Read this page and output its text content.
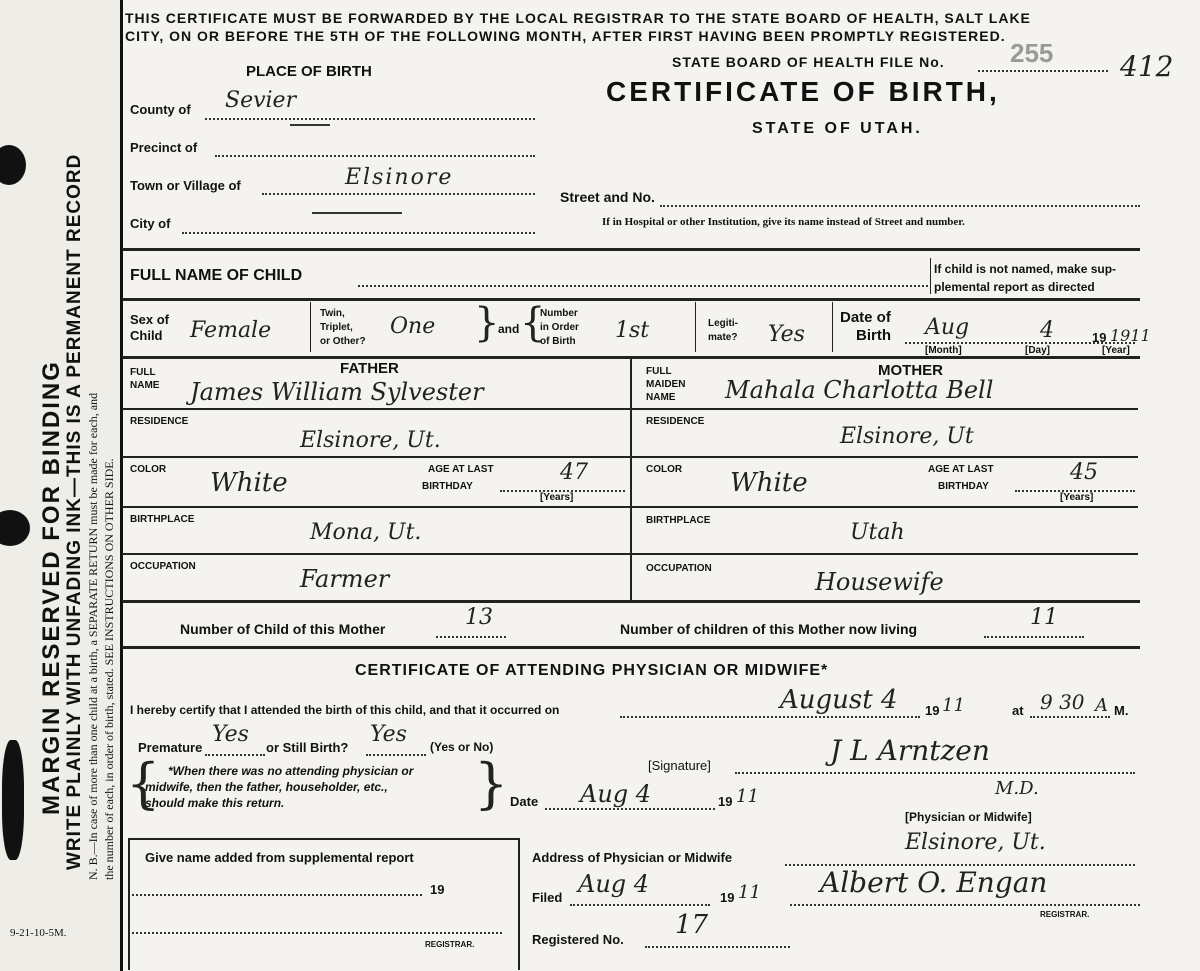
MARGIN RESERVED FOR BINDING WRITE PLAINLY WITH UNFADING INK—THIS IS A PERMANENT RECORD N. B.—In case of more than one child at a birth, a SEPARATE RETURN must be made for each, and the number of each, in order of birth, stated. SEE INSTRUCTIONS ON OTHER SIDE.
9-21-10-5M.
THIS CERTIFICATE MUST BE FORWARDED BY THE LOCAL REGISTRAR TO THE STATE BOARD OF HEALTH, SALT LAKE
CITY, ON OR BEFORE THE 5TH OF THE FOLLOWING MONTH, AFTER FIRST HAVING BEEN PROMPTLY REGISTERED.
STATE BOARD OF HEALTH FILE No.	255 412
CERTIFICATE OF BIRTH,
STATE OF UTAH.
PLACE OF BIRTH
County of Sevier
Precinct of
Town or Village of	Elsinore
City of
Street and No.
If in Hospital or other Institution, give its name instead of Street and number.
FULL NAME OF CHILD	If child is not named, make sup-
plemental report as directed
Sex of
Child Female
Twin,
Triplet,
or Other?
One }
and {
Number
in Order
of Birth 1st	Legiti-
mate? Yes
Date of
Birth Aug	4	19 1911
[Month]	[Day]	[Year]
FATHER
FULL
NAME James William Sylvester
RESIDENCE
Elsinore, Ut.
COLOR White	AGE AT LAST
BIRTHDAY
47
[Years]
BIRTHPLACE
Mona, Ut.
OCCUPATION	Farmer
MOTHER
FULL
MAIDEN
NAME Mahala Charlotta Bell
RESIDENCE
Elsinore, Ut
COLOR White	AGE AT LAST
BIRTHDAY
45
[Years]
BIRTHPLACE	Utah
OCCUPATION	Housewife
Number of Child of this Mother	13	Number of children of this Mother now living	11
CERTIFICATE OF ATTENDING PHYSICIAN OR MIDWIFE*
I hereby certify that I attended the birth of this child, and that it occurred on	August 4 19 11	at 9 30 A M.
Premature
Yes
or Still Birth?
Yes (Yes or No)
{ *When there was no attending physician or
midwife, then the father, householder, etc.,
should make this return.	}	[Signature]	J L Arntzen
M.D.
[Physician or Midwife]
Date Aug 4	19 11
Give name added from supplemental report
19
REGISTRAR.
Address of Physician or Midwife
Elsinore, Ut.
Filed Aug 4	19 11 Albert O. Engan
REGISTRAR.
Registered No. 17
